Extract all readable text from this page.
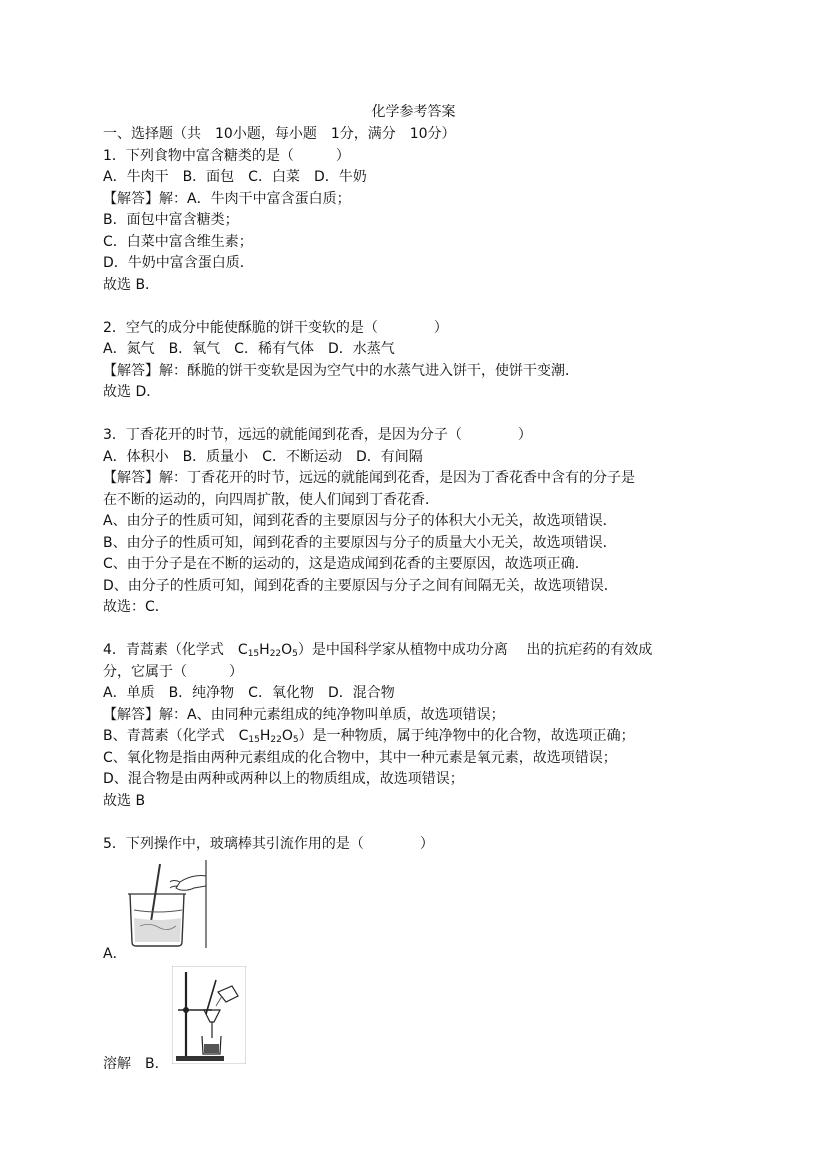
化学参考答案
一、选择题（共　10小题，每小题　1分，满分　10分）
1．下列食物中富含糖类的是（　　　）
A．牛肉干　B．面包　C．白菜　D．牛奶
【解答】解：A．牛肉干中富含蛋白质；
B．面包中富含糖类；
C．白菜中富含维生素；
D．牛奶中富含蛋白质．
故选 B．
2．空气的成分中能使酥脆的饼干变软的是（　　　　）
A．氮气　B．氧气　C．稀有气体　D．水蒸气
【解答】解：酥脆的饼干变软是因为空气中的水蒸气进入饼干，使饼干变潮．
故选 D．
3．丁香花开的时节，远远的就能闻到花香，是因为分子（　　　　）
A．体积小　B．质量小　C．不断运动　D．有间隔
【解答】解：丁香花开的时节，远远的就能闻到花香，是因为丁香花香中含有的分子是
在不断的运动的，向四周扩散，使人们闻到丁香花香．
A、由分子的性质可知，闻到花香的主要原因与分子的体积大小无关，故选项错误．
B、由分子的性质可知，闻到花香的主要原因与分子的质量大小无关，故选项错误．
C、由于分子是在不断的运动的，这是造成闻到花香的主要原因，故选项正确．
D、由分子的性质可知，闻到花香的主要原因与分子之间有间隔无关，故选项错误．
故选：C．
4．青蒿素（化学式　$C_{15}H_{22}O_5$）是中国科学家从植物中成功分离　 出的抗疟药的有效成
分，它属于（　　　）
A．单质　B．纯净物　C．氧化物　D．混合物
【解答】解：A、由同种元素组成的纯净物叫单质，故选项错误；
B、青蒿素（化学式　$C_{15}H_{22}O_5$）是一种物质，属于纯净物中的化合物，故选项正确；
C、氧化物是指由两种元素组成的化合物中，其中一种元素是氧元素，故选项错误；
D、混合物是由两种或两种以上的物质组成，故选项错误；
故选 B
5．下列操作中，玻璃棒其引流作用的是（　　　　）
A．
溶解　B．
